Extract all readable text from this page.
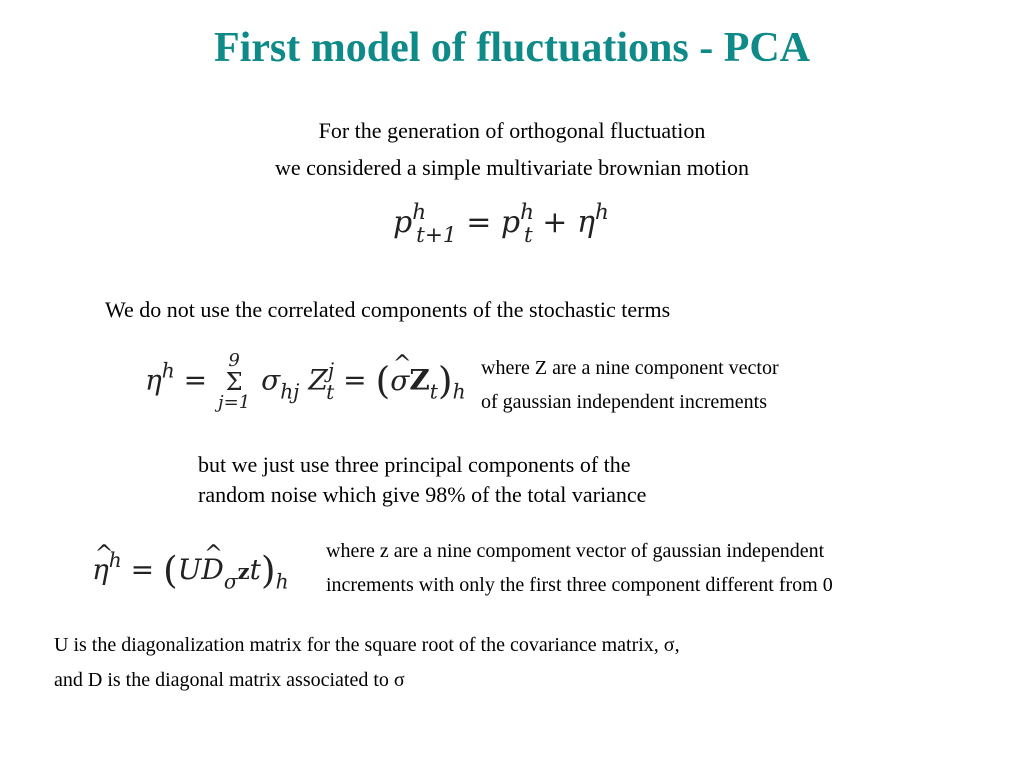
First model of fluctuations - PCA
For the generation of orthogonal fluctuation
we considered a simple multivariate brownian motion
$p^h_{t+1} = p^h_t + \eta^h$
We do not use the correlated components of the stochastic terms
$\eta^h$ =
9
Σ
j=1
$\sigma_{hj}$ $Z^j_t$ = (^ $\sigma Z_t)_h$
where Z are a nine component vector
of gaussian independent increments
but we just use three principal components of the
random noise which give 98% of the total variance
^ $\eta^h$ = (U^ $D_\sigma zt)_h$
where z are a nine compoment vector of gaussian independent
increments with only the first three component different from 0
U is the diagonalization matrix for the square root of the covariance matrix, σ,
and D is the diagonal matrix associated to σ
